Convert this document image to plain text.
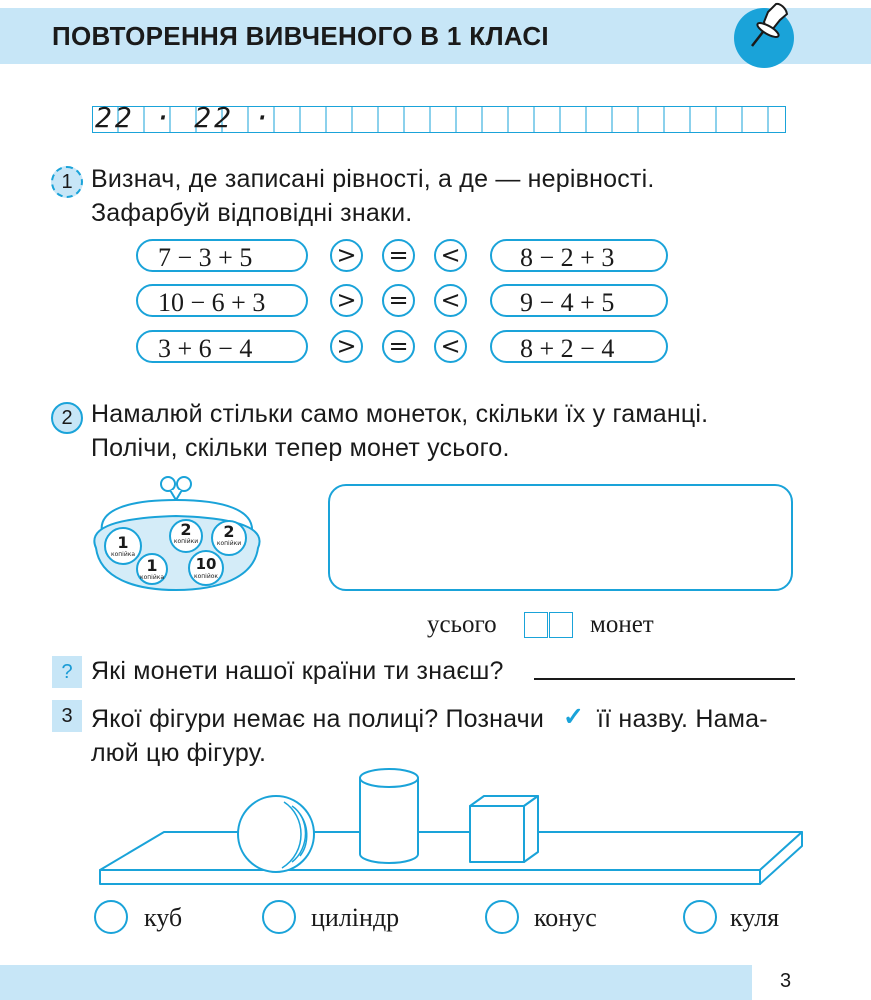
ПОВТОРЕННЯ ВИВЧЕНОГО В 1 КЛАСІ
22 · 22 ·
1 Визнач, де записані рівності, а де — нерівності.
Зафарбуй відповідні знаки.
7 − 3 + 5	> = <	8 − 2 + 3
10 − 6 + 3	> = <	9 − 4 + 5
3 + 6 − 4	> = <	8 + 2 − 4
2 Намалюй стільки само монеток, скільки їх у гаманці.
Полічи, скільки тепер монет усього.
1
копійка
2
копійки
2
копійки
1
копійка
10
копійок
усього	монет
? Які монети нашої країни ти знаєш?
3 Якої фігури немає на полиці? Позначи ✓ її назву. Нама-
люй цю фігуру.
куб	циліндр	конус	куля
3
